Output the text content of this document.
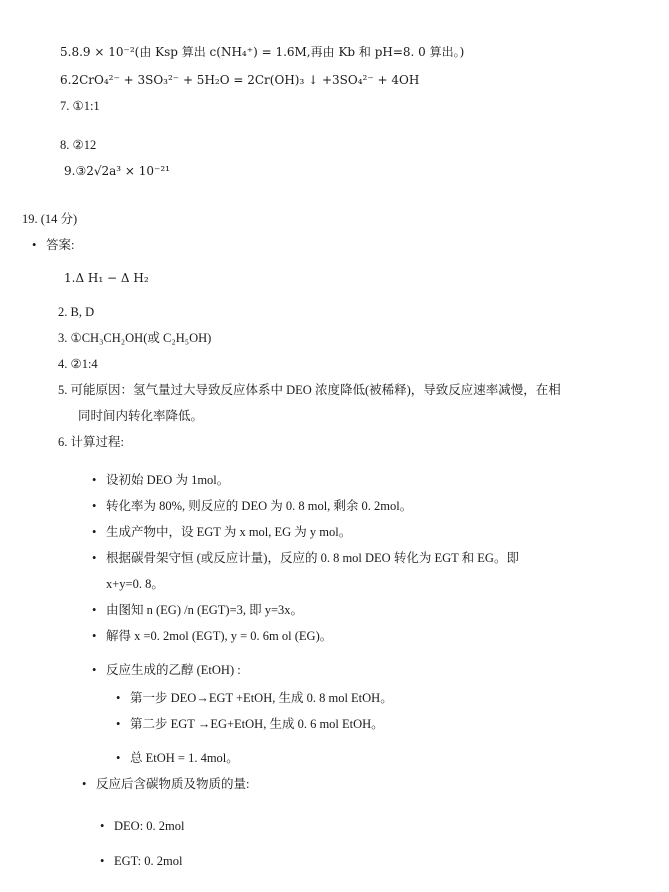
5.8.9 × 10⁻²(由 Ksp 算出 c(NH₄⁺) = 1.6M,再由 Kb 和 pH=8. 0 算出。)
6.2CrO₄²⁻ + 3SO₃²⁻ + 5H₂O = 2Cr(OH)₃ ↓ +3SO₄²⁻ + 4OH
7. ①1:1
8. ②12
9.③2√2a³ × 10⁻²¹
19. (14 分)
• 答案:
1.Δ H₁ − Δ H₂
2. B, D
3. ①CH₃CH₂OH(或 C₂H₅OH)
4. ②1:4
5. 可能原因：氢气量过大导致反应体系中 DEO 浓度降低(被稀释)，导致反应速率减慢，在相
同时间内转化率降低。
6. 计算过程:
• 设初始 DEO 为 1mol。
• 转化率为 80%, 则反应的 DEO 为 0. 8 mol, 剩余 0. 2mol。
• 生成产物中，设 EGT 为 x mol, EG 为 y mol。
• 根据碳骨架守恒 (或反应计量)，反应的 0. 8 mol DEO 转化为 EGT 和 EG。即
x+y=0. 8。
• 由图知 n (EG) /n (EGT)=3, 即 y=3x。
• 解得 x =0. 2mol (EGT), y = 0. 6m ol (EG)。
• 反应生成的乙醇 (EtOH) :
• 第一步 DEO→EGT +EtOH, 生成 0. 8 mol EtOH。
• 第二步 EGT →EG+EtOH, 生成 0. 6 mol EtOH。
• 总 EtOH = 1. 4mol。
• 反应后含碳物质及物质的量:
• DEO: 0. 2mol
• EGT: 0. 2mol
